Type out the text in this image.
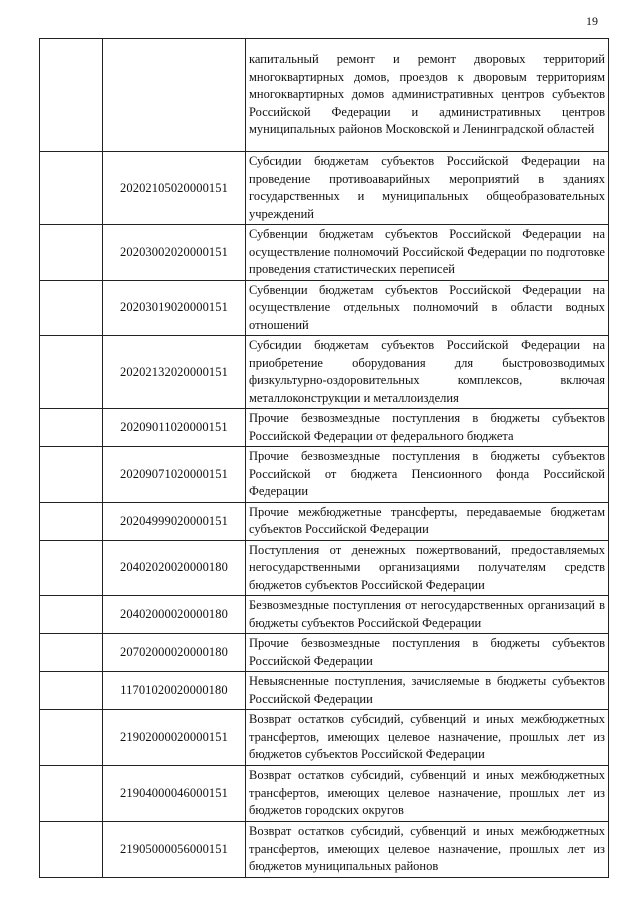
19
		капитальный ремонт и ремонт дворовых территорий многоквартирных домов, проездов к дворовым территориям многоквартирных домов административных центров субъектов Российской Федерации и административных центров муниципальных районов Московской и Ленинградской областей
	20202105020000151	Субсидии бюджетам субъектов Российской Федерации на проведение противоаварийных мероприятий в зданиях государственных и муниципальных общеобразовательных учреждений
	20203002020000151	Субвенции бюджетам субъектов Российской Федерации на осуществление полномочий Российской Федерации по подготовке проведения статистических переписей
	20203019020000151	Субвенции бюджетам субъектов Российской Федерации на осуществление отдельных полномочий в области водных отношений
	20202132020000151	Субсидии бюджетам субъектов Российской Федерации на приобретение оборудования для быстровозводимых физкультурно-оздоровительных комплексов, включая металлоконструкции и металлоизделия
	20209011020000151	Прочие безвозмездные поступления в бюджеты субъектов Российской Федерации от федерального бюджета
	20209071020000151	Прочие безвозмездные поступления в бюджеты субъектов Российской от бюджета Пенсионного фонда Российской Федерации
	20204999020000151	Прочие межбюджетные трансферты, передаваемые бюджетам субъектов Российской Федерации
	20402020020000180	Поступления от денежных пожертвований, предоставляемых негосударственными организациями получателям средств бюджетов субъектов Российской Федерации
	20402000020000180	Безвозмездные поступления от негосударственных организаций в бюджеты субъектов Российской Федерации
	20702000020000180	Прочие безвозмездные поступления в бюджеты субъектов Российской Федерации
	11701020020000180	Невыясненные поступления, зачисляемые в бюджеты субъектов Российской Федерации
	21902000020000151	Возврат остатков субсидий, субвенций и иных межбюджетных трансфертов, имеющих целевое назначение, прошлых лет из бюджетов субъектов Российской Федерации
	21904000046000151	Возврат остатков субсидий, субвенций и иных межбюджетных трансфертов, имеющих целевое назначение, прошлых лет из бюджетов городских округов
	21905000056000151	Возврат остатков субсидий, субвенций и иных межбюджетных трансфертов, имеющих целевое назначение, прошлых лет из бюджетов муниципальных районов
